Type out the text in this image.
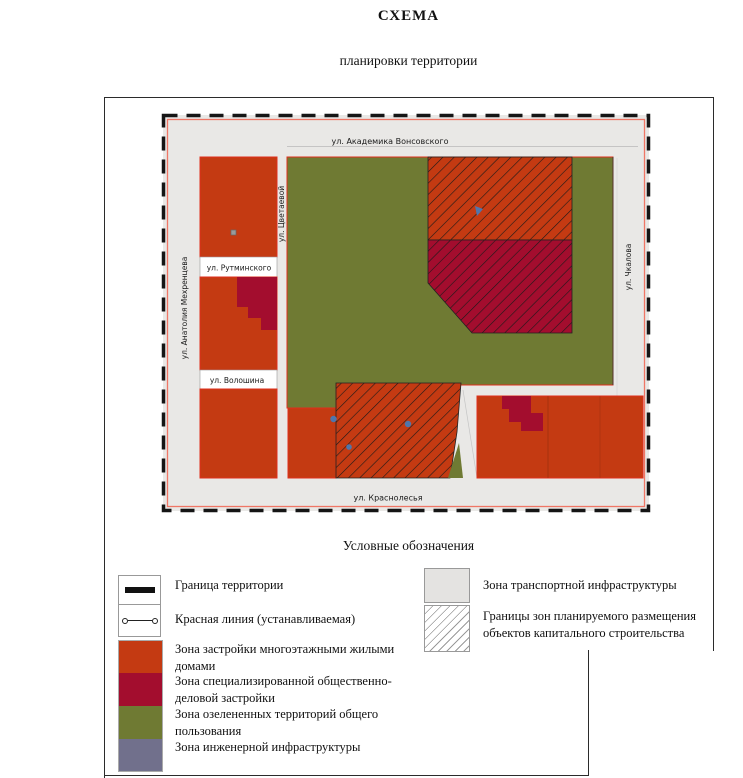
СХЕМА
планировки территории
ул. Академика Вонсовского
ул. Краснолесья
ул. Рутминского
ул. Волошина
ул. Цветаевой
ул. Анатолия Мехренцева	ул. Чкалова
Условные обозначения
Граница территории
Красная линия (устанавливаемая)
Зона застройки многоэтажными жилыми домами
Зона специализированной общественно-деловой застройки
Зона озелененных территорий общего пользования
Зона инженерной инфраструктуры
Зона транспортной инфраструктуры
Границы зон планируемого размещения объектов капитального строительства
